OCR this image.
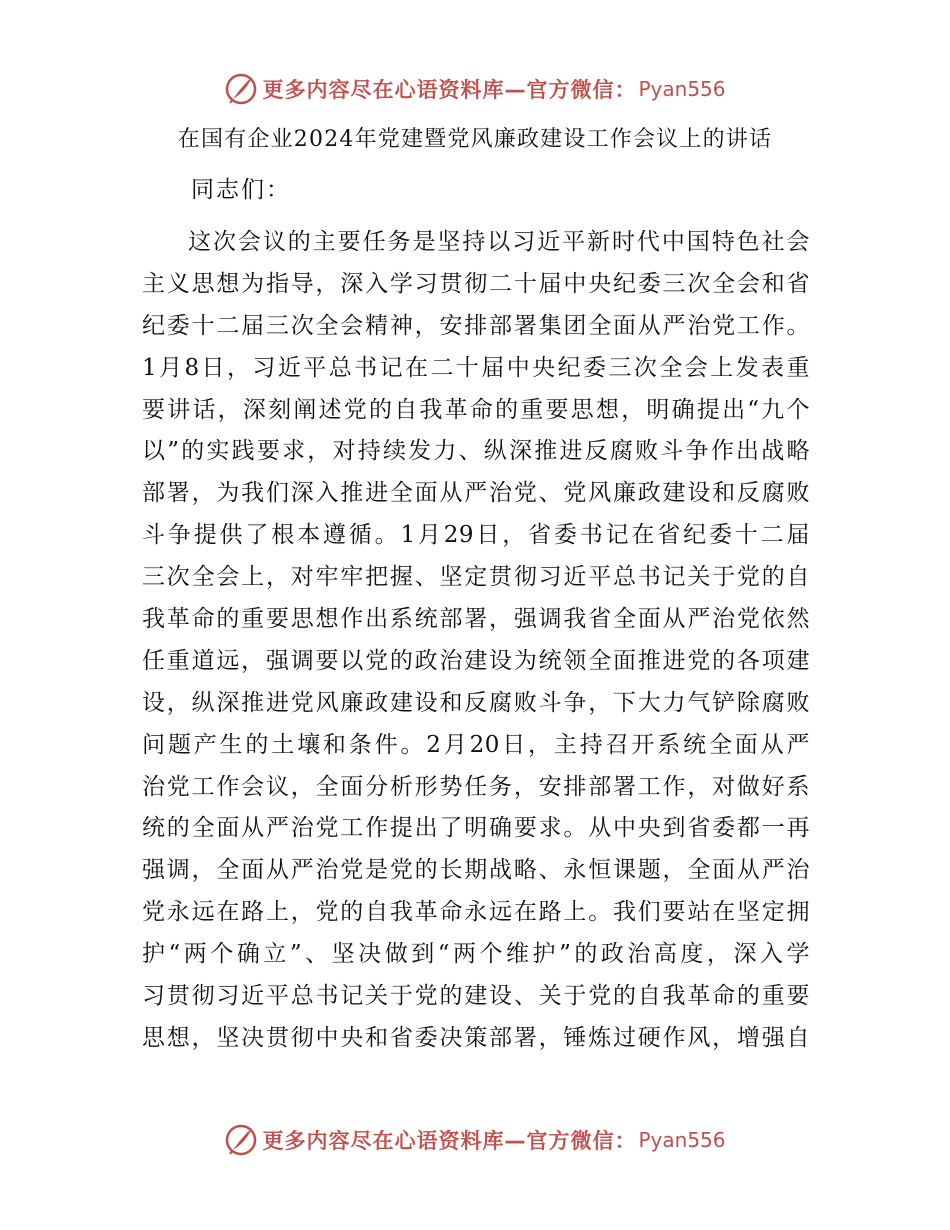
更多内容尽在心语资料库—官方微信： Pyan556
在国有企业2024年党建暨党风廉政建设工作会议上的讲话
同志们：
这次会议的主要任务是坚持以习近平新时代中国特色社会
主义思想为指导，深入学习贯彻二十届中央纪委三次全会和省
纪委十二届三次全会精神，安排部署集团全面从严治党工作。
1月8日，习近平总书记在二十届中央纪委三次全会上发表重
要讲话，深刻阐述党的自我革命的重要思想，明确提出“九个
以”的实践要求，对持续发力、纵深推进反腐败斗争作出战略
部署，为我们深入推进全面从严治党、党风廉政建设和反腐败
斗争提供了根本遵循。1月29日，省委书记在省纪委十二届
三次全会上，对牢牢把握、坚定贯彻习近平总书记关于党的自
我革命的重要思想作出系统部署，强调我省全面从严治党依然
任重道远，强调要以党的政治建设为统领全面推进党的各项建
设，纵深推进党风廉政建设和反腐败斗争，下大力气铲除腐败
问题产生的土壤和条件。2月20日，主持召开系统全面从严
治党工作会议，全面分析形势任务，安排部署工作，对做好系
统的全面从严治党工作提出了明确要求。从中央到省委都一再
强调，全面从严治党是党的长期战略、永恒课题，全面从严治
党永远在路上，党的自我革命永远在路上。我们要站在坚定拥
护“两个确立”、坚决做到“两个维护”的政治高度，深入学
习贯彻习近平总书记关于党的建设、关于党的自我革命的重要
思想，坚决贯彻中央和省委决策部署，锤炼过硬作风，增强自
更多内容尽在心语资料库—官方微信： Pyan556
